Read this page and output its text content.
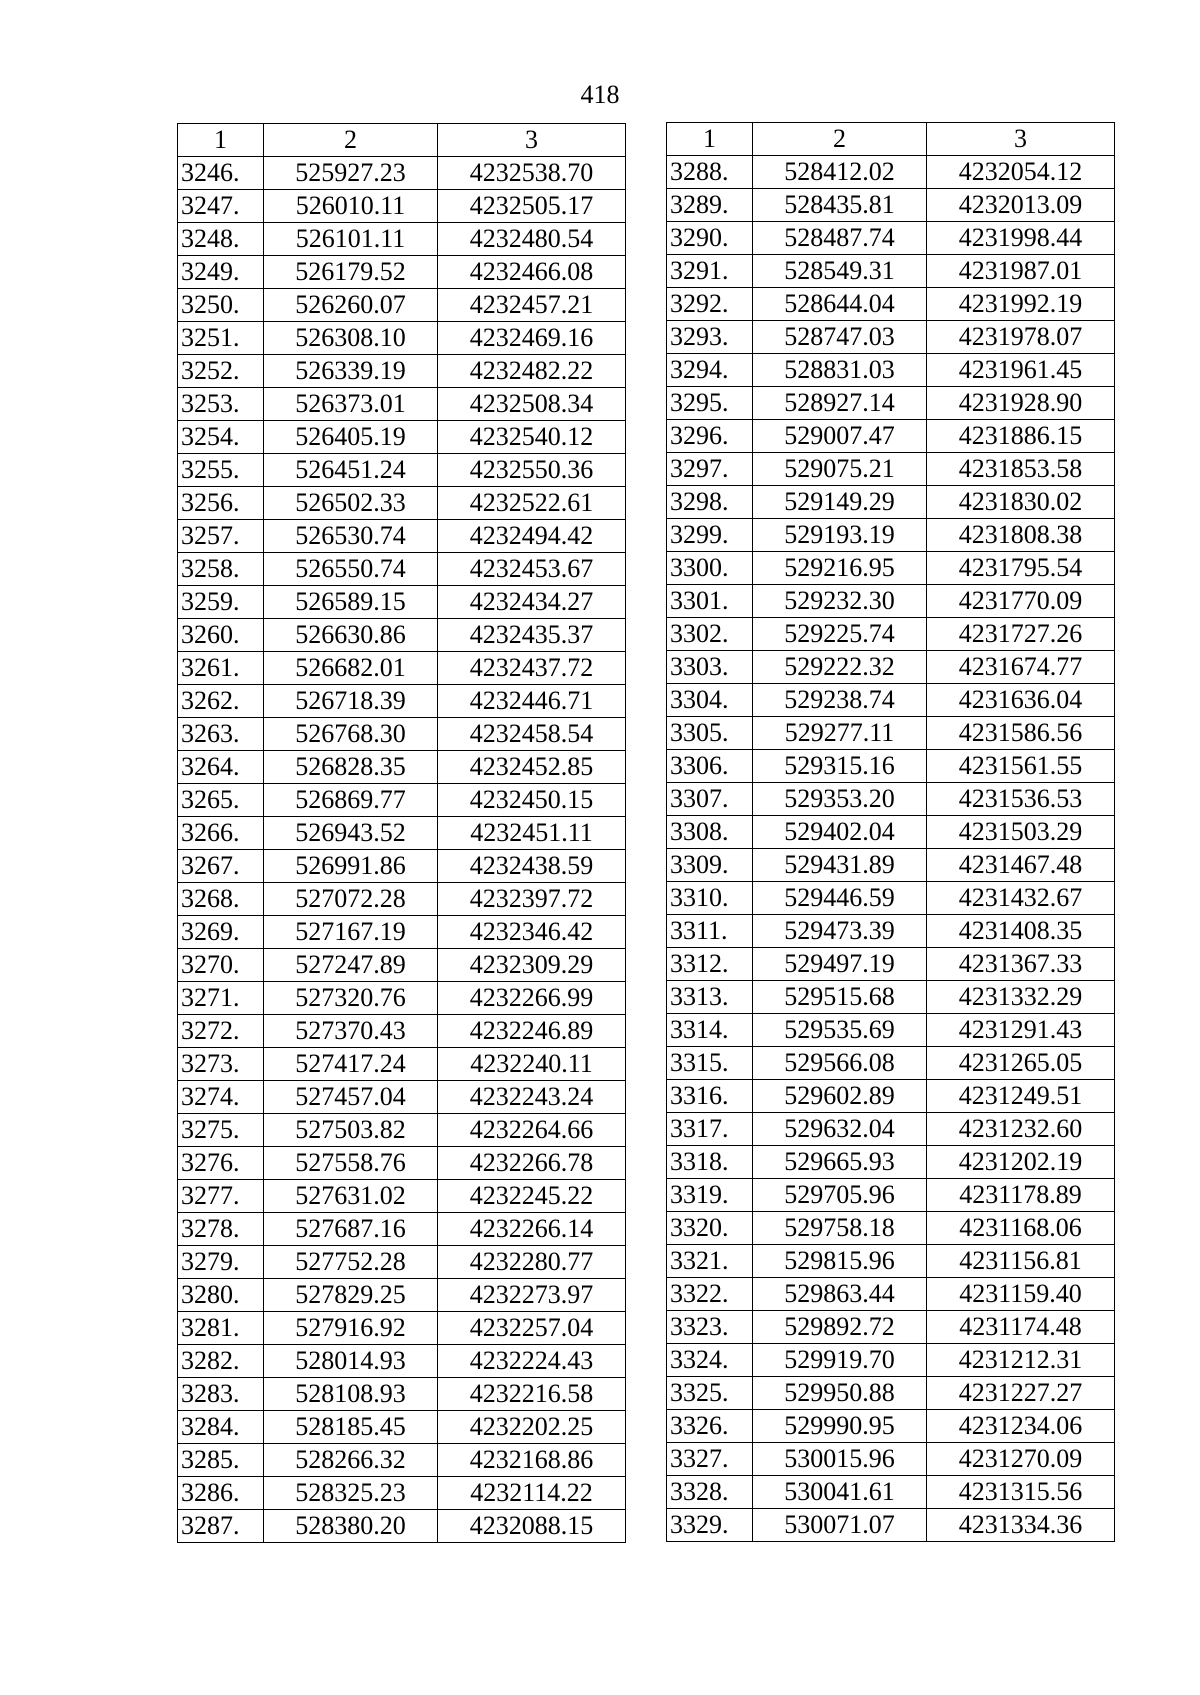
418
1	2	3
3246.	525927.23	4232538.70
3247.	526010.11	4232505.17
3248.	526101.11	4232480.54
3249.	526179.52	4232466.08
3250.	526260.07	4232457.21
3251.	526308.10	4232469.16
3252.	526339.19	4232482.22
3253.	526373.01	4232508.34
3254.	526405.19	4232540.12
3255.	526451.24	4232550.36
3256.	526502.33	4232522.61
3257.	526530.74	4232494.42
3258.	526550.74	4232453.67
3259.	526589.15	4232434.27
3260.	526630.86	4232435.37
3261.	526682.01	4232437.72
3262.	526718.39	4232446.71
3263.	526768.30	4232458.54
3264.	526828.35	4232452.85
3265.	526869.77	4232450.15
3266.	526943.52	4232451.11
3267.	526991.86	4232438.59
3268.	527072.28	4232397.72
3269.	527167.19	4232346.42
3270.	527247.89	4232309.29
3271.	527320.76	4232266.99
3272.	527370.43	4232246.89
3273.	527417.24	4232240.11
3274.	527457.04	4232243.24
3275.	527503.82	4232264.66
3276.	527558.76	4232266.78
3277.	527631.02	4232245.22
3278.	527687.16	4232266.14
3279.	527752.28	4232280.77
3280.	527829.25	4232273.97
3281.	527916.92	4232257.04
3282.	528014.93	4232224.43
3283.	528108.93	4232216.58
3284.	528185.45	4232202.25
3285.	528266.32	4232168.86
3286.	528325.23	4232114.22
3287.	528380.20	4232088.15
1	2	3
3288.	528412.02	4232054.12
3289.	528435.81	4232013.09
3290.	528487.74	4231998.44
3291.	528549.31	4231987.01
3292.	528644.04	4231992.19
3293.	528747.03	4231978.07
3294.	528831.03	4231961.45
3295.	528927.14	4231928.90
3296.	529007.47	4231886.15
3297.	529075.21	4231853.58
3298.	529149.29	4231830.02
3299.	529193.19	4231808.38
3300.	529216.95	4231795.54
3301.	529232.30	4231770.09
3302.	529225.74	4231727.26
3303.	529222.32	4231674.77
3304.	529238.74	4231636.04
3305.	529277.11	4231586.56
3306.	529315.16	4231561.55
3307.	529353.20	4231536.53
3308.	529402.04	4231503.29
3309.	529431.89	4231467.48
3310.	529446.59	4231432.67
3311.	529473.39	4231408.35
3312.	529497.19	4231367.33
3313.	529515.68	4231332.29
3314.	529535.69	4231291.43
3315.	529566.08	4231265.05
3316.	529602.89	4231249.51
3317.	529632.04	4231232.60
3318.	529665.93	4231202.19
3319.	529705.96	4231178.89
3320.	529758.18	4231168.06
3321.	529815.96	4231156.81
3322.	529863.44	4231159.40
3323.	529892.72	4231174.48
3324.	529919.70	4231212.31
3325.	529950.88	4231227.27
3326.	529990.95	4231234.06
3327.	530015.96	4231270.09
3328.	530041.61	4231315.56
3329.	530071.07	4231334.36
